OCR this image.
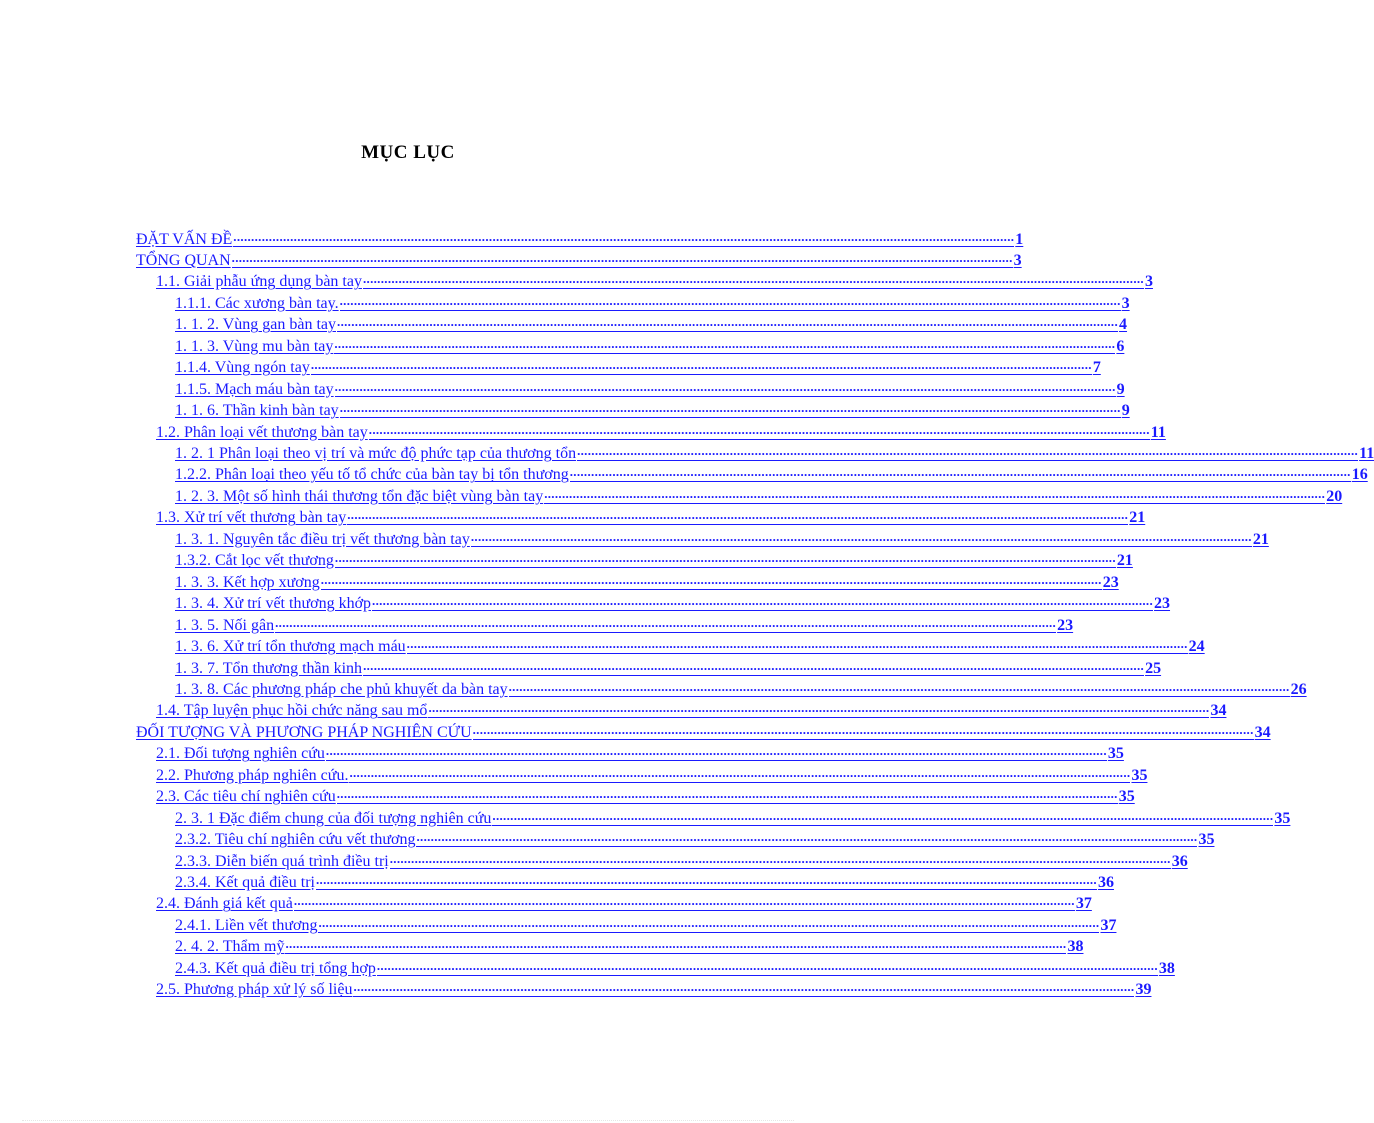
MỤC LỤC
ĐẶT VẤN ĐỀ ............................................................................................................................................................................................................................ 1
TỔNG QUAN ............................................................................................................................................................................................................................ 3
1.1. Giải phẫu ứng dụng bàn tay ............................................................................................................................................................................................................................ 3
1.1.1. Các xương bàn tay. ............................................................................................................................................................................................................................ 3
1. 1. 2. Vùng gan bàn tay ............................................................................................................................................................................................................................ 4
1. 1. 3. Vùng mu bàn tay ............................................................................................................................................................................................................................ 6
1.1.4. Vùng ngón tay ............................................................................................................................................................................................................................ 7
1.1.5. Mạch máu bàn tay ............................................................................................................................................................................................................................ 9
1. 1. 6. Thần kinh bàn tay ............................................................................................................................................................................................................................ 9
1.2. Phân loại vết thương bàn tay ............................................................................................................................................................................................................................ 11
1. 2. 1 Phân loại theo vị trí và mức độ phức tạp của thương tổn ............................................................................................................................................................................................................................ 11
1.2.2. Phân loại theo yếu tố tổ chức của bàn tay bị tổn thương ............................................................................................................................................................................................................................ 16
1. 2. 3. Một số hình thái thương tổn đặc biệt vùng bàn tay ............................................................................................................................................................................................................................ 20
1.3. Xử trí vết thương bàn tay ............................................................................................................................................................................................................................ 21
1. 3. 1. Nguyên tắc điều trị vết thương bàn tay ............................................................................................................................................................................................................................ 21
1.3.2. Cắt lọc vết thương ............................................................................................................................................................................................................................ 21
1. 3. 3. Kết hợp xương ............................................................................................................................................................................................................................ 23
1. 3. 4. Xử trí vết thương khớp ............................................................................................................................................................................................................................ 23
1. 3. 5. Nối gân ............................................................................................................................................................................................................................ 23
1. 3. 6. Xử trí tổn thương mạch máu ............................................................................................................................................................................................................................ 24
1. 3. 7. Tổn thương thần kinh ............................................................................................................................................................................................................................ 25
1. 3. 8. Các phương pháp che phủ khuyết da bàn tay ............................................................................................................................................................................................................................ 26
1.4. Tập luyện phục hồi chức năng sau mổ ............................................................................................................................................................................................................................ 34
ĐỐI TƯỢNG VÀ PHƯƠNG PHÁP NGHIÊN CỨU ............................................................................................................................................................................................................................ 34
2.1. Đối tượng nghiên cứu ............................................................................................................................................................................................................................ 35
2.2. Phương pháp nghiên cứu. ............................................................................................................................................................................................................................ 35
2.3. Các tiêu chí nghiên cứu ............................................................................................................................................................................................................................ 35
2. 3. 1 Đặc điểm chung của đối tượng nghiên cứu ............................................................................................................................................................................................................................ 35
2.3.2. Tiêu chí nghiên cứu vết thương ............................................................................................................................................................................................................................ 35
2.3.3. Diễn biến quá trình điều trị ............................................................................................................................................................................................................................ 36
2.3.4. Kết quả điều trị ............................................................................................................................................................................................................................ 36
2.4. Đánh giá kết quả ............................................................................................................................................................................................................................ 37
2.4.1. Liền vết thương ............................................................................................................................................................................................................................ 37
2. 4. 2. Thẩm mỹ ............................................................................................................................................................................................................................ 38
2.4.3. Kết quả điều trị tổng hợp ............................................................................................................................................................................................................................ 38
2.5. Phương pháp xử lý số liệu ............................................................................................................................................................................................................................ 39
